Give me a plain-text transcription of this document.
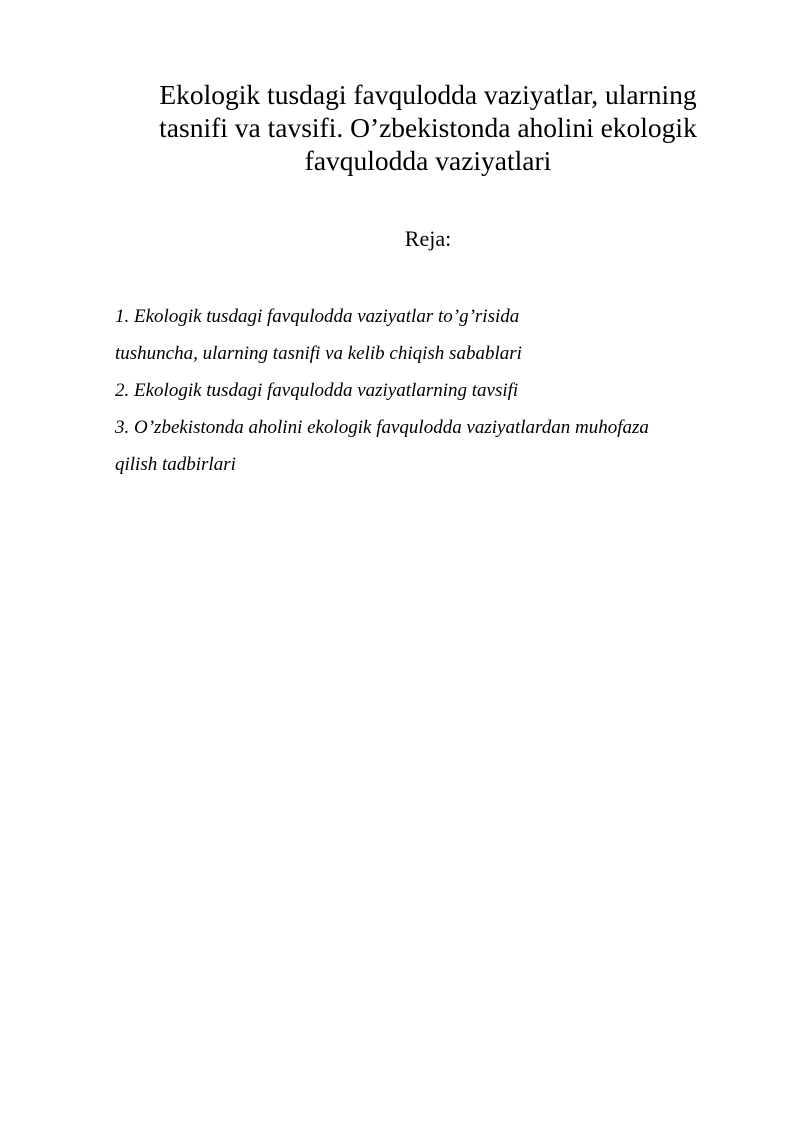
Ekologik tusdagi favqulodda vaziyatlar, ularning
tasnifi va tavsifi. O’zbekistonda aholini ekologik
favqulodda vaziyatlari
Reja:
1. Ekologik tusdagi favqulodda vaziyatlar to’g’risida
tushuncha, ularning tasnifi va kelib chiqish sabablari
2. Ekologik tusdagi favqulodda vaziyatlarning tavsifi
3. O’zbekistonda aholini ekologik favqulodda vaziyatlardan muhofaza
qilish tadbirlari
